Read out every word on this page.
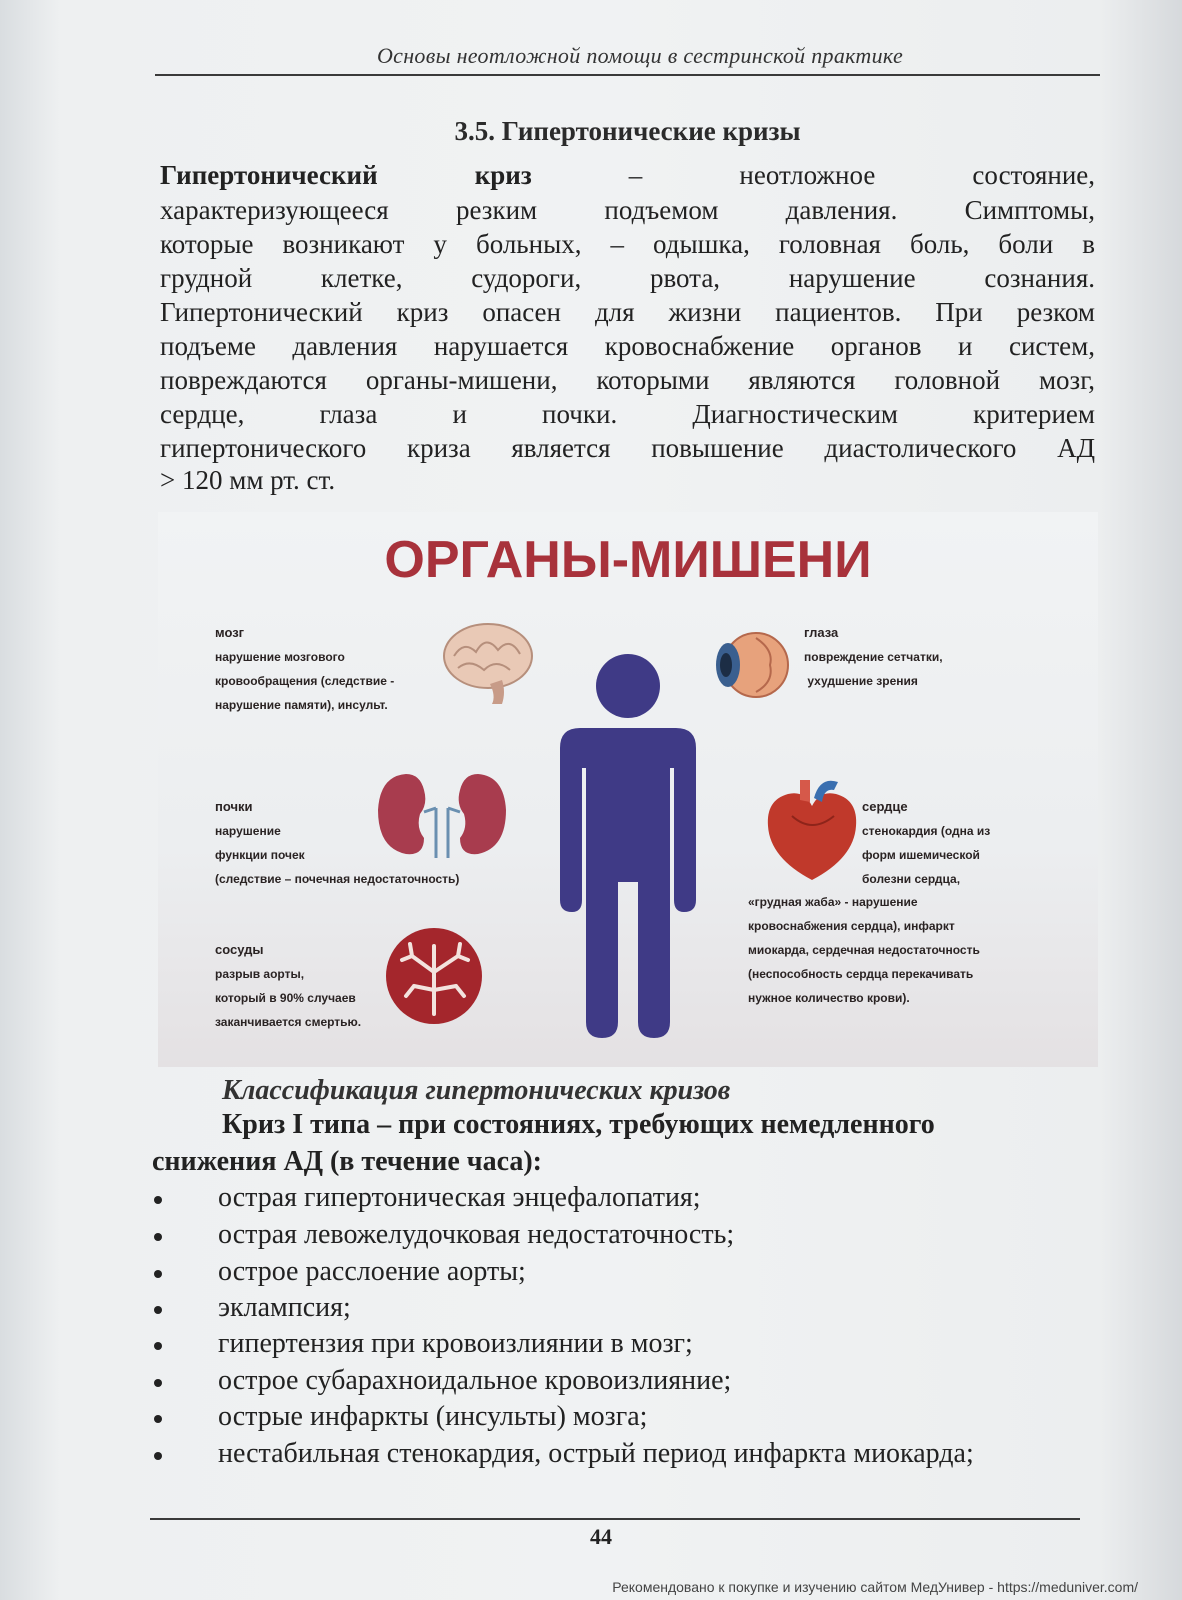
Основы неотложной помощи в сестринской практике
3.5. Гипертонические кризы
Гипертонический	криз	–	неотложное	состояние,
характеризующееся резким подъемом давления. Симптомы,
которые возникают у больных, – одышка, головная боль, боли в
грудной клетке, судороги, рвота, нарушение сознания.
Гипертонический криз опасен для жизни пациентов. При резком
подъеме давления нарушается кровоснабжение органов и систем,
повреждаются органы-мишени, которыми являются головной мозг,
сердце, глаза и почки. Диагностическим критерием
гипертонического криза является повышение диастолического АД
> 120 мм рт. ст.
ОРГАНЫ-МИШЕНИ
мозг
нарушение мозгового
кровообращения (следствие -
нарушение памяти), инсульт.
глаза
повреждение сетчатки,
ухудшение зрения
почки
нарушение
функции почек
(следствие – почечная недостаточность)
сердце
стенокардия (одна из
форм ишемической
болезни сердца,
«грудная жаба» - нарушение
кровоснабжения сердца), инфаркт
миокарда, сердечная недостаточность
(неспособность сердца перекачивать
нужное количество крови).
сосуды
разрыв аорты,
который в 90% случаев
заканчивается смертью.
Классификация гипертонических кризов
Криз I типа – при состояниях, требующих немедленного
снижения АД (в течение часа):
острая гипертоническая энцефалопатия;
острая левожелудочковая недостаточность;
острое расслоение аорты;
эклампсия;
гипертензия при кровоизлиянии в мозг;
острое субарахноидальное кровоизлияние;
острые инфаркты (инсульты) мозга;
нестабильная стенокардия, острый период инфаркта миокарда;
44
Рекомендовано к покупке и изучению сайтом МедУнивер - https://meduniver.com/
